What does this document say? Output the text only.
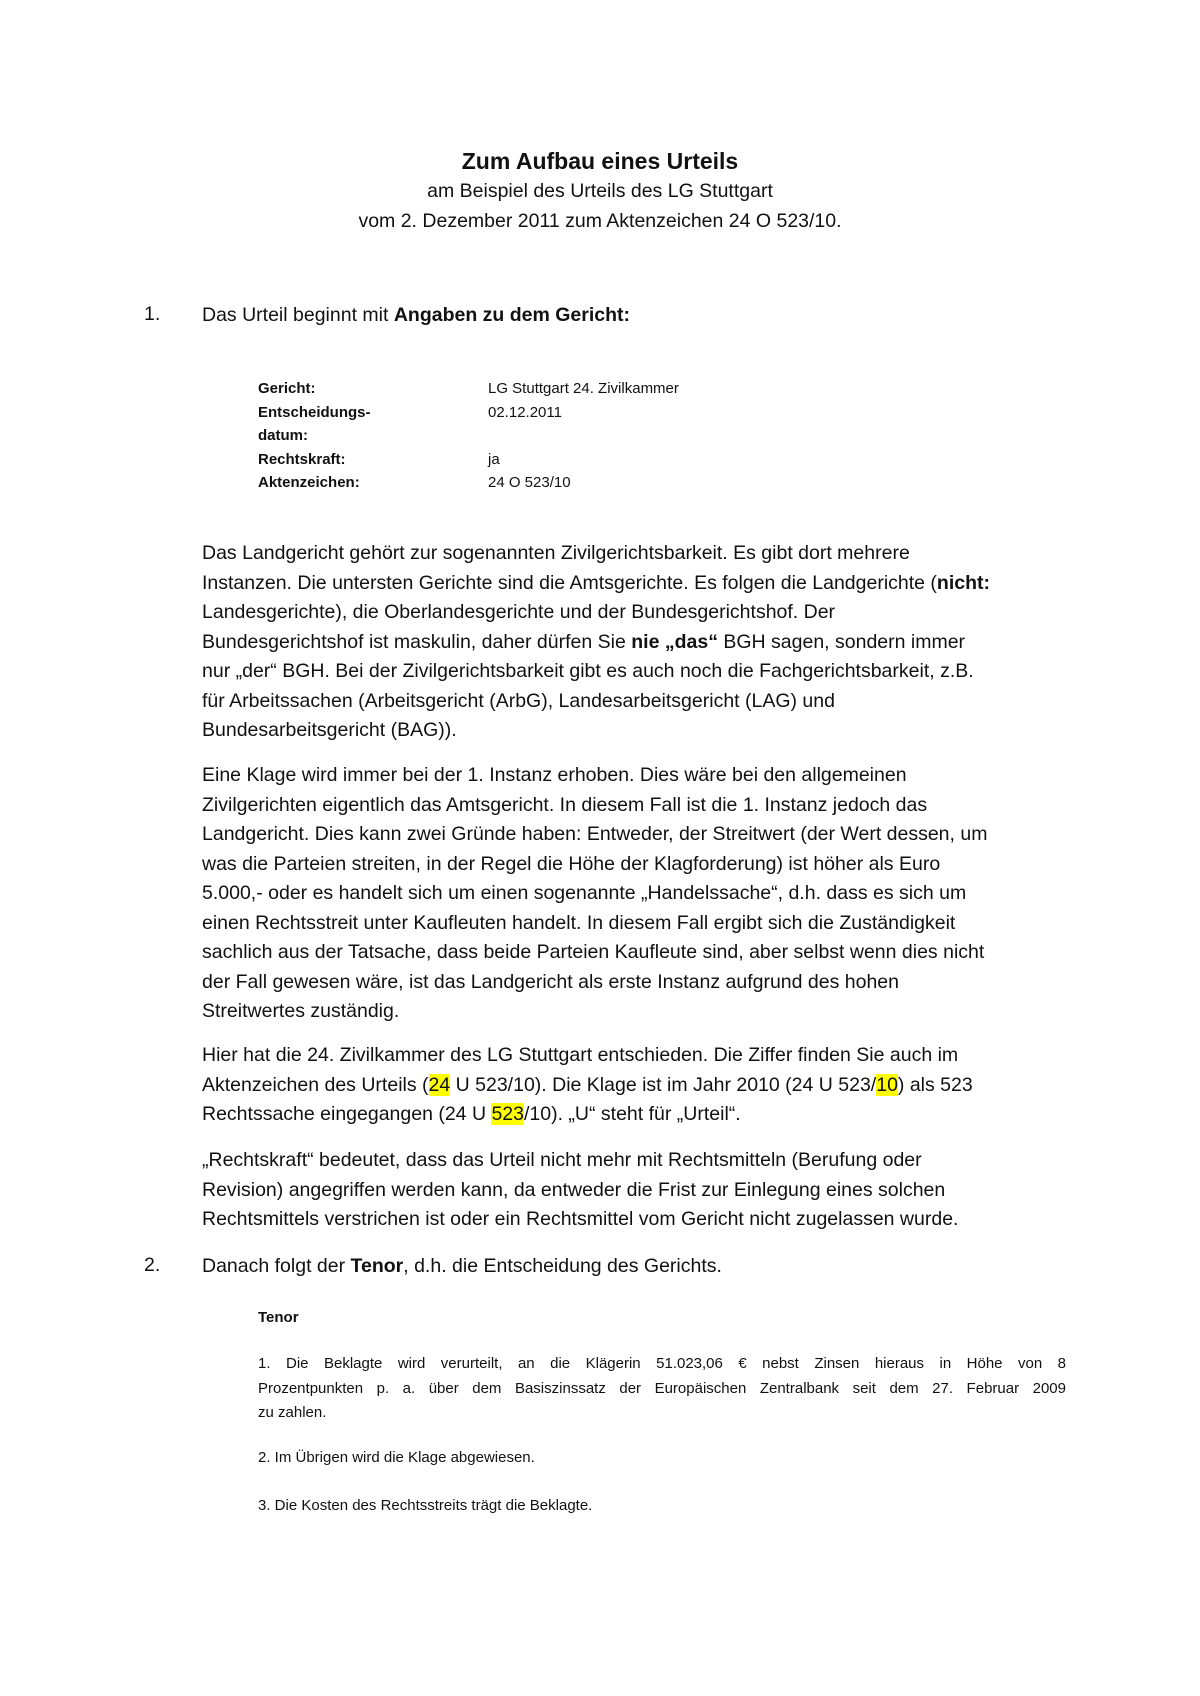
Zum Aufbau eines Urteils
am Beispiel des Urteils des LG Stuttgart
vom 2. Dezember 2011 zum Aktenzeichen 24 O 523/10.
1. Das Urteil beginnt mit Angaben zu dem Gericht:
Gericht:	LG Stuttgart 24. Zivilkammer
Entscheidungs-	02.12.2011
datum:
Rechtskraft:	ja
Aktenzeichen:	24 O 523/10
Das Landgericht gehört zur sogenannten Zivilgerichtsbarkeit. Es gibt dort mehrere
Instanzen. Die untersten Gerichte sind die Amtsgerichte. Es folgen die Landgerichte (nicht:
Landesgerichte), die Oberlandesgerichte und der Bundesgerichtshof. Der
Bundesgerichtshof ist maskulin, daher dürfen Sie nie „das“ BGH sagen, sondern immer
nur „der“ BGH. Bei der Zivilgerichtsbarkeit gibt es auch noch die Fachgerichtsbarkeit, z.B.
für Arbeitssachen (Arbeitsgericht (ArbG), Landesarbeitsgericht (LAG) und
Bundesarbeitsgericht (BAG)).
Eine Klage wird immer bei der 1. Instanz erhoben. Dies wäre bei den allgemeinen
Zivilgerichten eigentlich das Amtsgericht. In diesem Fall ist die 1. Instanz jedoch das
Landgericht. Dies kann zwei Gründe haben: Entweder, der Streitwert (der Wert dessen, um
was die Parteien streiten, in der Regel die Höhe der Klagforderung) ist höher als Euro
5.000,- oder es handelt sich um einen sogenannte „Handelssache“, d.h. dass es sich um
einen Rechtsstreit unter Kaufleuten handelt. In diesem Fall ergibt sich die Zuständigkeit
sachlich aus der Tatsache, dass beide Parteien Kaufleute sind, aber selbst wenn dies nicht
der Fall gewesen wäre, ist das Landgericht als erste Instanz aufgrund des hohen
Streitwertes zuständig.
Hier hat die 24. Zivilkammer des LG Stuttgart entschieden. Die Ziffer finden Sie auch im
Aktenzeichen des Urteils (24 U 523/10). Die Klage ist im Jahr 2010 (24 U 523/10) als 523
Rechtssache eingegangen (24 U 523/10). „U“ steht für „Urteil“.
„Rechtskraft“ bedeutet, dass das Urteil nicht mehr mit Rechtsmitteln (Berufung oder
Revision) angegriffen werden kann, da entweder die Frist zur Einlegung eines solchen
Rechtsmittels verstrichen ist oder ein Rechtsmittel vom Gericht nicht zugelassen wurde.
2. Danach folgt der Tenor, d.h. die Entscheidung des Gerichts.
Tenor
1. Die Beklagte wird verurteilt, an die Klägerin 51.023,06 € nebst Zinsen hieraus in Höhe von 8
Prozentpunkten p. a. über dem Basiszinssatz der Europäischen Zentralbank seit dem 27. Februar 2009
zu zahlen.
2. Im Übrigen wird die Klage abgewiesen.
3. Die Kosten des Rechtsstreits trägt die Beklagte.
